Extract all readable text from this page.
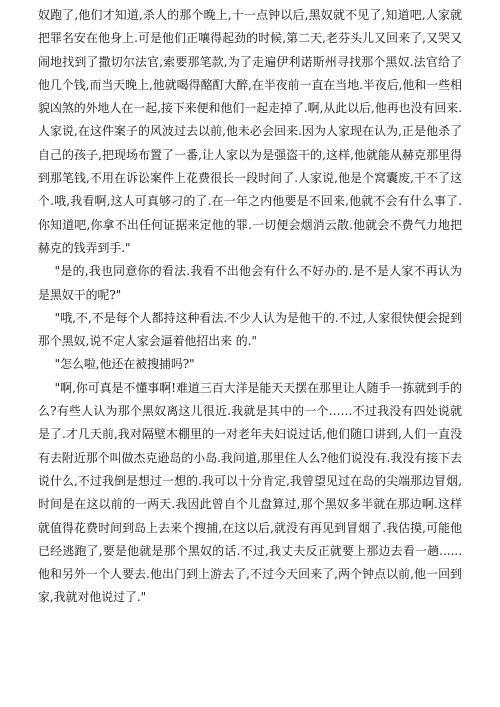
奴跑了,他们才知道,杀人的那个晚上,十一点钟以后,黑奴就不见了,知道吧,人家就把罪名安在他身上.可是他们正嚷得起劲的时候,第二天,老芬头儿又回来了,又哭又闹地找到了撒切尔法官,索要那笔款,为了走遍伊利诺斯州寻找那个黑奴.法官给了他几个钱,而当天晚上,他就喝得酩酊大醉,在半夜前一直在当地.半夜后,他和一些相貌凶煞的外地人在一起,接下来便和他们一起走掉了.啊,从此以后,他再也没有回来.人家说,在这件案子的风波过去以前,他未必会回来.因为人家现在认为,正是他杀了自己的孩子,把现场布置了一番,让人家以为是强盗干的,这样,他就能从赫克那里得到那笔钱,不用在诉讼案件上花费很长一段时间了.人家说,他是个窝囊废,干不了这个.哦,我看啊,这人可真够刁的了.在一年之内他要是不回来,他就不会有什么事了.你知道吧,你拿不出任何证据来定他的罪.一切便会烟消云散.他就会不费气力地把赫克的钱弄到手."

"是的,我也同意你的看法.我看不出他会有什么不好办的.是不是人家不再认为是黑奴干的呢?"

"哦,不,不是每个人都持这种看法.不少人认为是他干的.不过,人家很快便会捉到那个黑奴,说不定人家会逼着他招出来 的."

"怎么啦,他还在被搜捕吗?"

"啊,你可真是不懂事啊!难道三百大洋是能天天摆在那里让人随手一拣就到手的么?有些人认为那个黑奴离这儿很近.我就是其中的一个……不过我没有四处说就是了.才几天前,我对隔壁木棚里的一对老年夫妇说过话,他们随口讲到,人们一直没有去附近那个叫做杰克逊岛的小岛.我问道,那里住人么?他们说没有.我没有接下去说什么,不过我倒是想过一想的.我可以十分肯定,我曾望见过在岛的尖端那边冒烟,时间是在这以前的一两天.我因此曾自个儿盘算过,那个黑奴多半就在那边啊.这样就值得花费时间到岛上去来个搜捕,在这以后,就没有再见到冒烟了.我估摸,可能他已经逃跑了,要是他就是那个黑奴的话.不过,我丈夫反正就要上那边去看一趟......他和另外一个人要去.他出门到上游去了,不过今天回来了,两个钟点以前,他一回到家,我就对他说过了."
